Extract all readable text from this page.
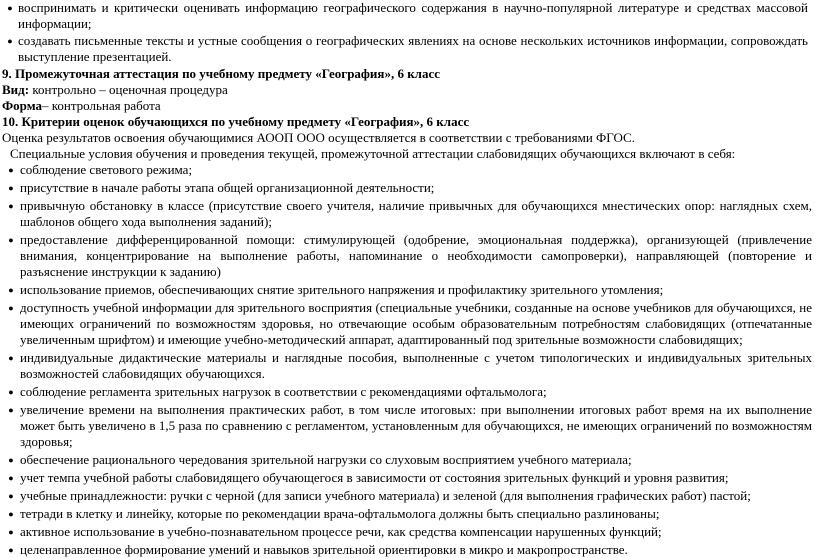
● воспринимать и критически оценивать информацию географического содержания в научно-популярной литературе и средствах массовой информации;
● создавать письменные тексты и устные сообщения о географических явлениях на основе нескольких источников информации, сопровождать выступление презентацией.

9. Промежуточная аттестация по учебному предмету «География», 6 класс

Вид: контрольно – оценочная процедура

Форма– контрольная работа

10. Критерии оценок обучающихся по учебному предмету «География», 6 класс

Оценка результатов освоения обучающимися АООП ООО осуществляется в соответствии с требованиями ФГОС.

Специальные условия обучения и проведения текущей, промежуточной аттестации слабовидящих обучающихся включают в себя:

● соблюдение светового режима;
● присутствие в начале работы этапа общей организационной деятельности;
● привычную обстановку в классе (присутствие своего учителя, наличие привычных для обучающихся мнестических опор: наглядных схем, шаблонов общего хода выполнения заданий);
● предоставление дифференцированной помощи: стимулирующей (одобрение, эмоциональная поддержка), организующей (привлечение внимания, концентрирование на выполнение работы, напоминание о необходимости самопроверки), направляющей (повторение и разъяснение инструкции к заданию)
● использование приемов, обеспечивающих снятие зрительного напряжения и профилактику зрительного утомления;
● доступность учебной информации для зрительного восприятия (специальные учебники, созданные на основе учебников для обучающихся, не имеющих ограничений по возможностям здоровья, но отвечающие особым образовательным потребностям слабовидящих (отпечатанные увеличенным шрифтом) и имеющие учебно-методический аппарат, адаптированный под зрительные возможности слабовидящих;
● индивидуальные дидактические материалы и наглядные пособия, выполненные с учетом типологических и индивидуальных зрительных возможностей слабовидящих обучающихся.
● соблюдение регламента зрительных нагрузок в соответствии с рекомендациями офтальмолога;
● увеличение времени на выполнения практических работ, в том числе итоговых: при выполнении итоговых работ время на их выполнение может быть увеличено в 1,5 раза по сравнению с регламентом, установленным для обучающихся, не имеющих ограничений по возможностям здоровья;
● обеспечение рационального чередования зрительной нагрузки со слуховым восприятием учебного материала;
● учет темпа учебной работы слабовидящего обучающегося в зависимости от состояния зрительных функций и уровня развития;
● учебные принадлежности: ручки с черной (для записи учебного материала) и зеленой (для выполнения графических работ) пастой;
● тетради в клетку и линейку, которые по рекомендации врача-офтальмолога должны быть специально разлинованы;
● активное использование в учебно-познавательном процессе речи, как средства компенсации нарушенных функций;
● целенаправленное формирование умений и навыков зрительной ориентировки в микро и макропространстве.
